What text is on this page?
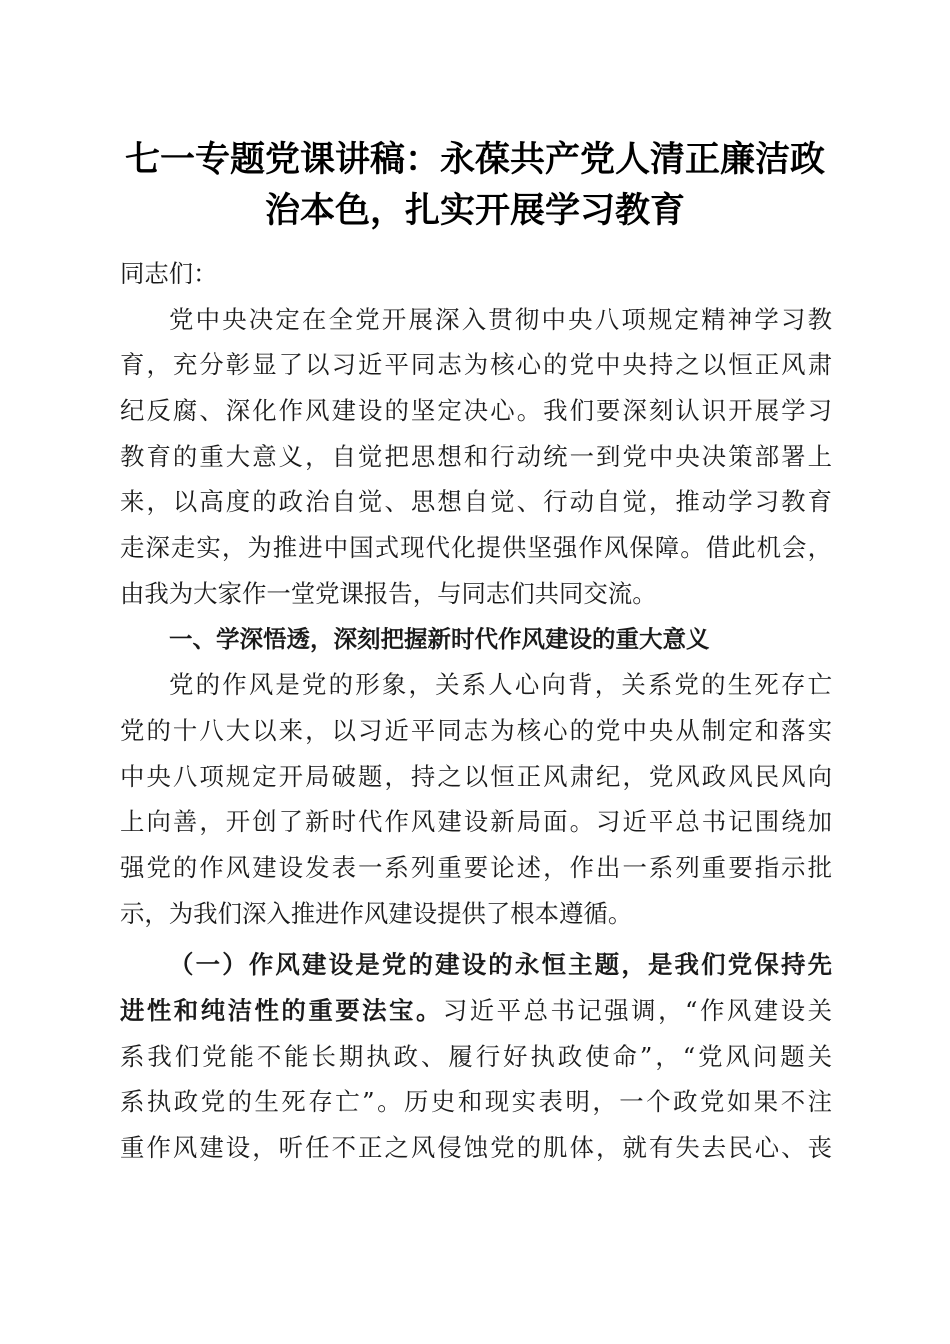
七一专题党课讲稿：永葆共产党人清正廉洁政
治本色，扎实开展学习教育
同志们：
党中央决定在全党开展深入贯彻中央八项规定精神学习教
育，充分彰显了以习近平同志为核心的党中央持之以恒正风肃
纪反腐、深化作风建设的坚定决心。我们要深刻认识开展学习
教育的重大意义，自觉把思想和行动统一到党中央决策部署上
来，以高度的政治自觉、思想自觉、行动自觉，推动学习教育
走深走实，为推进中国式现代化提供坚强作风保障。借此机会，
由我为大家作一堂党课报告，与同志们共同交流。
一、学深悟透，深刻把握新时代作风建设的重大意义
党的作风是党的形象，关系人心向背，关系党的生死存亡
党的十八大以来，以习近平同志为核心的党中央从制定和落实
中央八项规定开局破题，持之以恒正风肃纪，党风政风民风向
上向善，开创了新时代作风建设新局面。习近平总书记围绕加
强党的作风建设发表一系列重要论述，作出一系列重要指示批
示，为我们深入推进作风建设提供了根本遵循。
（一）作风建设是党的建设的永恒主题，是我们党保持先
进性和纯洁性的重要法宝。习近平总书记强调，“作风建设关
系我们党能不能长期执政、履行好执政使命”，“党风问题关
系执政党的生死存亡”。历史和现实表明，一个政党如果不注
重作风建设，听任不正之风侵蚀党的肌体，就有失去民心、丧
